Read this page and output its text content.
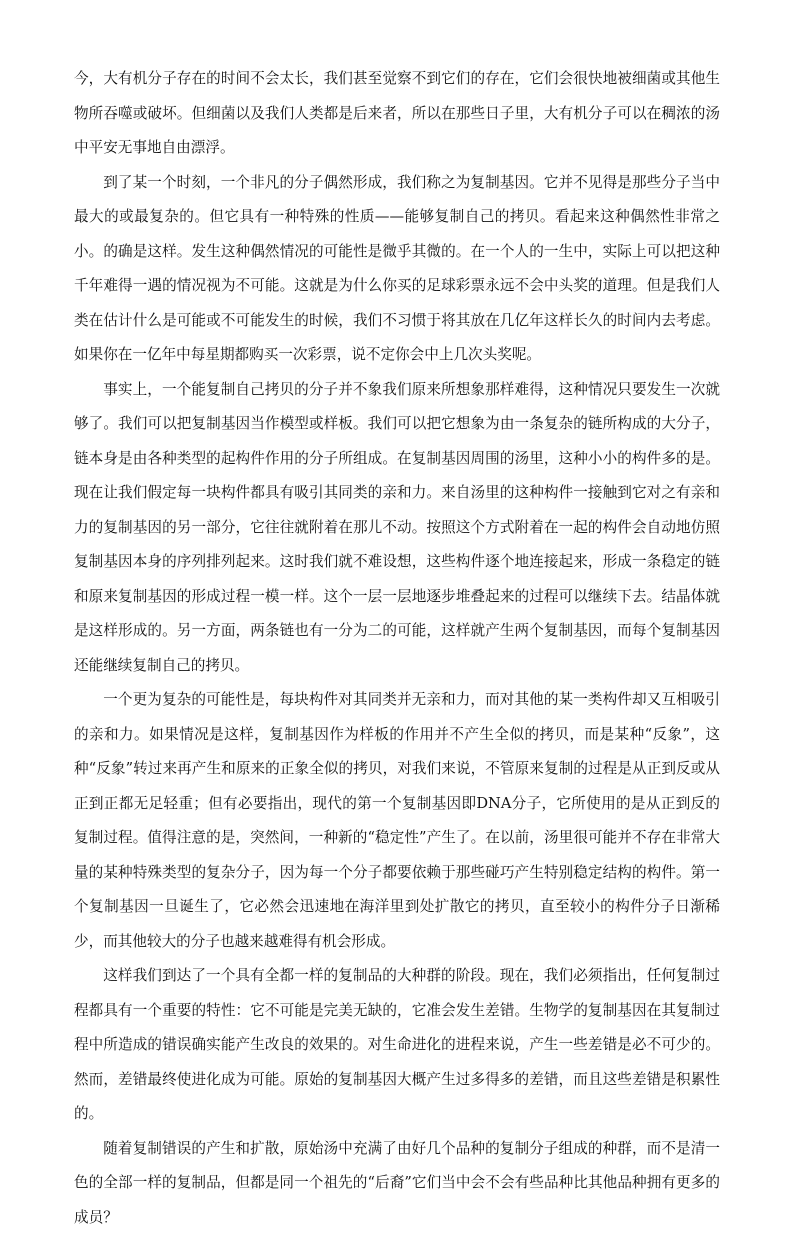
今，大有机分子存在的时间不会太长，我们甚至觉察不到它们的存在，它们会很快地被细菌或其他生物所吞噬或破坏。但细菌以及我们人类都是后来者，所以在那些日子里，大有机分子可以在稠浓的汤中平安无事地自由漂浮。

到了某一个时刻，一个非凡的分子偶然形成，我们称之为复制基因。它并不见得是那些分子当中最大的或最复杂的。但它具有一种特殊的性质——能够复制自己的拷贝。看起来这种偶然性非常之小。的确是这样。发生这种偶然情况的可能性是微乎其微的。在一个人的一生中，实际上可以把这种千年难得一遇的情况视为不可能。这就是为什么你买的足球彩票永远不会中头奖的道理。但是我们人类在估计什么是可能或不可能发生的时候，我们不习惯于将其放在几亿年这样长久的时间内去考虑。如果你在一亿年中每星期都购买一次彩票，说不定你会中上几次头奖呢。

事实上，一个能复制自己拷贝的分子并不象我们原来所想象那样难得，这种情况只要发生一次就够了。我们可以把复制基因当作模型或样板。我们可以把它想象为由一条复杂的链所构成的大分子，链本身是由各种类型的起构件作用的分子所组成。在复制基因周围的汤里，这种小小的构件多的是。现在让我们假定每一块构件都具有吸引其同类的亲和力。来自汤里的这种构件一接触到它对之有亲和力的复制基因的另一部分，它往往就附着在那儿不动。按照这个方式附着在一起的构件会自动地仿照复制基因本身的序列排列起来。这时我们就不难设想，这些构件逐个地连接起来，形成一条稳定的链和原来复制基因的形成过程一模一样。这个一层一层地逐步堆叠起来的过程可以继续下去。结晶体就是这样形成的。另一方面，两条链也有一分为二的可能，这样就产生两个复制基因，而每个复制基因还能继续复制自己的拷贝。

一个更为复杂的可能性是，每块构件对其同类并无亲和力，而对其他的某一类构件却又互相吸引的亲和力。如果情况是这样，复制基因作为样板的作用并不产生全似的拷贝，而是某种“反象”，这种“反象”转过来再产生和原来的正象全似的拷贝，对我们来说，不管原来复制的过程是从正到反或从正到正都无足轻重；但有必要指出，现代的第一个复制基因即DNA分子，它所使用的是从正到反的复制过程。值得注意的是，突然间，一种新的“稳定性”产生了。在以前，汤里很可能并不存在非常大量的某种特殊类型的复杂分子，因为每一个分子都要依赖于那些碰巧产生特别稳定结构的构件。第一个复制基因一旦诞生了，它必然会迅速地在海洋里到处扩散它的拷贝，直至较小的构件分子日渐稀少，而其他较大的分子也越来越难得有机会形成。

这样我们到达了一个具有全都一样的复制品的大种群的阶段。现在，我们必须指出，任何复制过程都具有一个重要的特性：它不可能是完美无缺的，它准会发生差错。生物学的复制基因在其复制过程中所造成的错误确实能产生改良的效果的。对生命进化的进程来说，产生一些差错是必不可少的。然而，差错最终使进化成为可能。原始的复制基因大概产生过多得多的差错，而且这些差错是积累性的。

随着复制错误的产生和扩散，原始汤中充满了由好几个品种的复制分子组成的种群，而不是清一色的全部一样的复制品，但都是同一个祖先的“后裔”它们当中会不会有些品种比其他品种拥有更多的成员？
